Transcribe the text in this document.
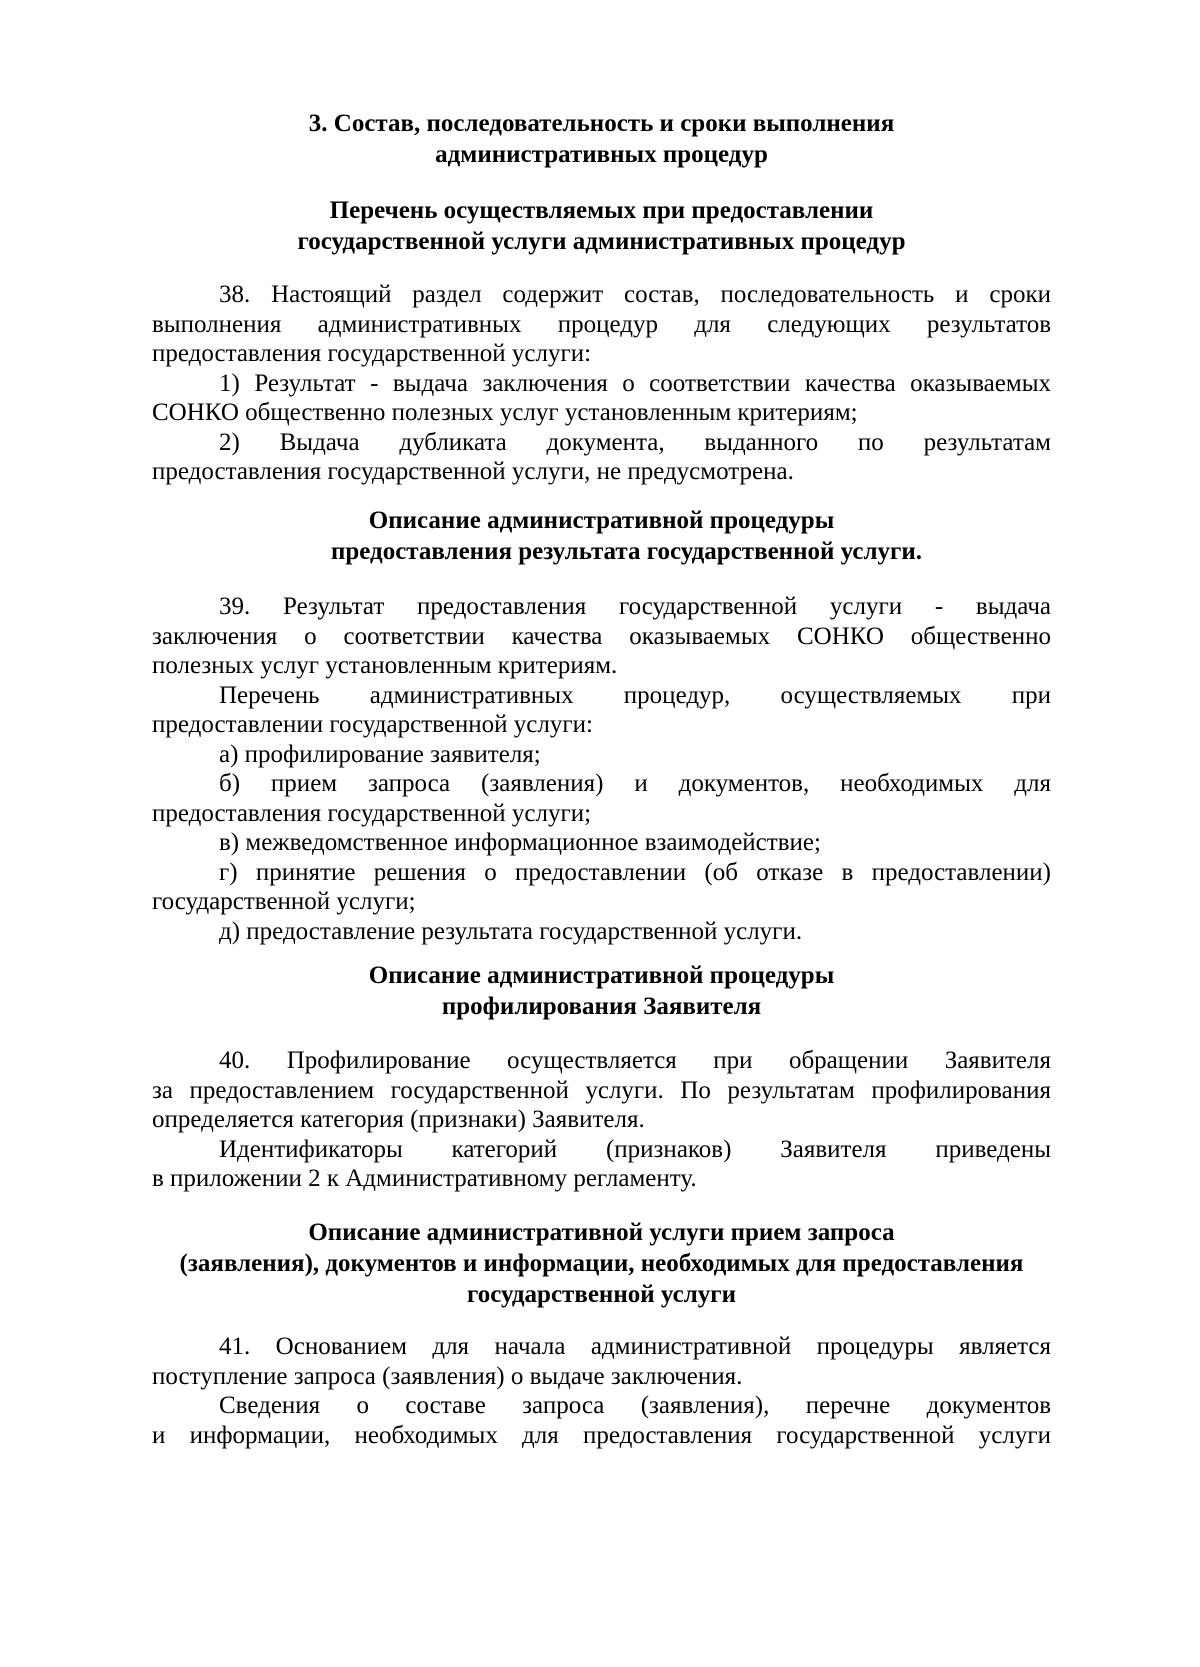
3. Состав, последовательность и сроки выполнения
административных процедур
Перечень осуществляемых при предоставлении
государственной услуги административных процедур

38. Настоящий раздел содержит состав, последовательность и сроки

выполнения административных процедур для следующих результатов

предоставления государственной услуги:

1) Результат - выдача заключения о соответствии качества оказываемых

СОНКО общественно полезных услуг установленным критериям;

2) Выдача дубликата документа, выданного по результатам

предоставления государственной услуги, не предусмотрена.

Описание административной процедуры
предоставления результата государственной услуги.

39. Результат предоставления государственной услуги - выдача

заключения о соответствии качества оказываемых СОНКО общественно

полезных услуг установленным критериям.

Перечень административных процедур, осуществляемых при

предоставлении государственной услуги:

а) профилирование заявителя;

б) прием запроса (заявления) и документов, необходимых для

предоставления государственной услуги;

в) межведомственное информационное взаимодействие;

г) принятие решения о предоставлении (об отказе в предоставлении)

государственной услуги;

д) предоставление результата государственной услуги.

Описание административной процедуры
профилирования Заявителя

40. Профилирование осуществляется при обращении Заявителя

за предоставлением государственной услуги. По результатам профилирования

определяется категория (признаки) Заявителя.

Идентификаторы категорий (признаков) Заявителя приведены

в приложении 2 к Административному регламенту.

Описание административной услуги прием запроса
(заявления), документов и информации, необходимых для предоставления
государственной услуги

41. Основанием для начала административной процедуры является

поступление запроса (заявления) о выдаче заключения.

Сведения о составе запроса (заявления), перечне документов

и информации, необходимых для предоставления государственной услуги
